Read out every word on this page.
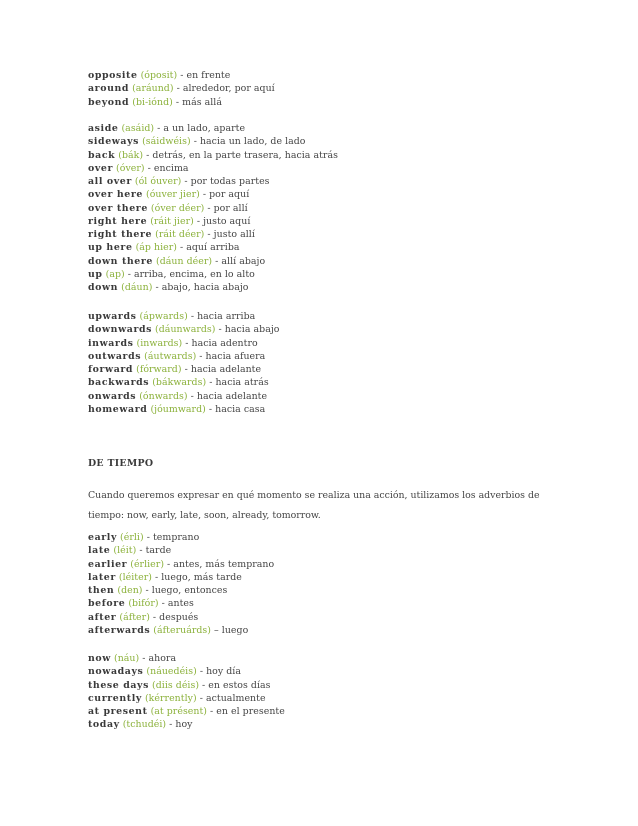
opposite (óposit) - en frente
around (aráund) - alrededor, por aquí
beyond (bi-iónd) - más allá
aside (asáid) - a un lado, aparte
sideways (sáidwéis) - hacia un lado, de lado
back (bák) - detrás, en la parte trasera, hacia atrás
over (óver) - encima
all over (ól óuver) - por todas partes
over here (óuver jier) - por aquí
over there (óver déer) - por allí
right here (ráit jier) - justo aquí
right there (ráit déer) - justo allí
up here (áp hier) - aquí arriba
down there (dáun déer) - allí abajo
up (ap) - arriba, encima, en lo alto
down (dáun) - abajo, hacia abajo
upwards (ápwards) - hacia arriba
downwards (dáunwards) - hacia abajo
inwards (inwards) - hacia adentro
outwards (áutwards) - hacia afuera
forward (fórward) - hacia adelante
backwards (bákwards) - hacia atrás
onwards (ónwards) - hacia adelante
homeward (jóumward) - hacia casa
DE TIEMPO
Cuando queremos expresar en qué momento se realiza una acción, utilizamos los adverbios de
tiempo: now, early, late, soon, already, tomorrow.
early (érli) - temprano
late (léit) - tarde
earlier (érlier) - antes, más temprano
later (léiter) - luego, más tarde
then (den) - luego, entonces
before (bifór) - antes
after (áfter) - después
afterwards (áfteruárds) – luego
now (náu) - ahora
nowadays (náuedéis) - hoy día
these days (diis déis) - en estos días
currently (kérrently) - actualmente
at present (at présent) - en el presente
today (tchudéi) - hoy
